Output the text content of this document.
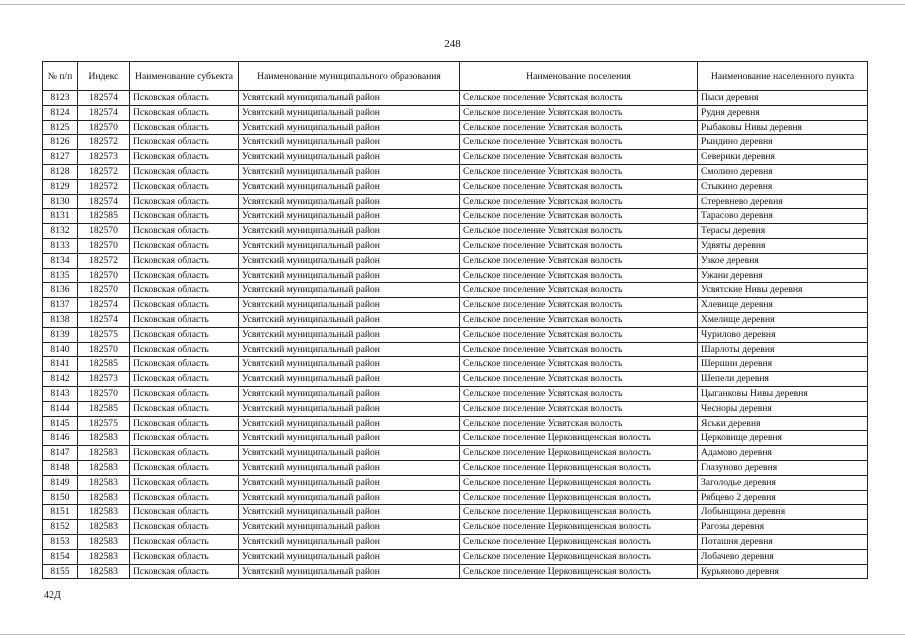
248
№ п/п	Индекс	Наименование субъекта	Наименование муниципального образования	Наименование поселения	Наименование населенного пункта
8123	182574	Псковская область	Усвятский муниципальный район	Сельское поселение Усвятская волость	Пыси деревня
8124	182574	Псковская область	Усвятский муниципальный район	Сельское поселение Усвятская волость	Рудня деревня
8125	182570	Псковская область	Усвятский муниципальный район	Сельское поселение Усвятская волость	Рыбаковы Нивы деревня
8126	182572	Псковская область	Усвятский муниципальный район	Сельское поселение Усвятская волость	Рындино деревня
8127	182573	Псковская область	Усвятский муниципальный район	Сельское поселение Усвятская волость	Северики деревня
8128	182572	Псковская область	Усвятский муниципальный район	Сельское поселение Усвятская волость	Смолино деревня
8129	182572	Псковская область	Усвятский муниципальный район	Сельское поселение Усвятская волость	Стыкино деревня
8130	182574	Псковская область	Усвятский муниципальный район	Сельское поселение Усвятская волость	Стеревнево деревня
8131	182585	Псковская область	Усвятский муниципальный район	Сельское поселение Усвятская волость	Тарасово деревня
8132	182570	Псковская область	Усвятский муниципальный район	Сельское поселение Усвятская волость	Терасы деревня
8133	182570	Псковская область	Усвятский муниципальный район	Сельское поселение Усвятская волость	Удвяты деревня
8134	182572	Псковская область	Усвятский муниципальный район	Сельское поселение Усвятская волость	Узкое деревня
8135	182570	Псковская область	Усвятский муниципальный район	Сельское поселение Усвятская волость	Ужани деревня
8136	182570	Псковская область	Усвятский муниципальный район	Сельское поселение Усвятская волость	Усвятские Нивы деревня
8137	182574	Псковская область	Усвятский муниципальный район	Сельское поселение Усвятская волость	Хлевище деревня
8138	182574	Псковская область	Усвятский муниципальный район	Сельское поселение Усвятская волость	Хмелище деревня
8139	182575	Псковская область	Усвятский муниципальный район	Сельское поселение Усвятская волость	Чурилово деревня
8140	182570	Псковская область	Усвятский муниципальный район	Сельское поселение Усвятская волость	Шарлоты деревня
8141	182585	Псковская область	Усвятский муниципальный район	Сельское поселение Усвятская волость	Шершни деревня
8142	182573	Псковская область	Усвятский муниципальный район	Сельское поселение Усвятская волость	Шепели деревня
8143	182570	Псковская область	Усвятский муниципальный район	Сельское поселение Усвятская волость	Цыганковы Нивы деревня
8144	182585	Псковская область	Усвятский муниципальный район	Сельское поселение Усвятская волость	Чесноры деревня
8145	182575	Псковская область	Усвятский муниципальный район	Сельское поселение Усвятская волость	Яськи деревня
8146	182583	Псковская область	Усвятский муниципальный район	Сельское поселение Церковищенская волость	Церковище деревня
8147	182583	Псковская область	Усвятский муниципальный район	Сельское поселение Церковищенская волость	Адамово деревня
8148	182583	Псковская область	Усвятский муниципальный район	Сельское поселение Церковищенская волость	Глазуново деревня
8149	182583	Псковская область	Усвятский муниципальный район	Сельское поселение Церковищенская волость	Заголодье деревня
8150	182583	Псковская область	Усвятский муниципальный район	Сельское поселение Церковищенская волость	Рябцево 2 деревня
8151	182583	Псковская область	Усвятский муниципальный район	Сельское поселение Церковищенская волость	Лобынщина деревня
8152	182583	Псковская область	Усвятский муниципальный район	Сельское поселение Церковищенская волость	Рагозы деревня
8153	182583	Псковская область	Усвятский муниципальный район	Сельское поселение Церковищенская волость	Поташня деревня
8154	182583	Псковская область	Усвятский муниципальный район	Сельское поселение Церковищенская волость	Лобачево деревня
8155	182583	Псковская область	Усвятский муниципальный район	Сельское поселение Церковищенская волость	Курьяново деревня
42Д
